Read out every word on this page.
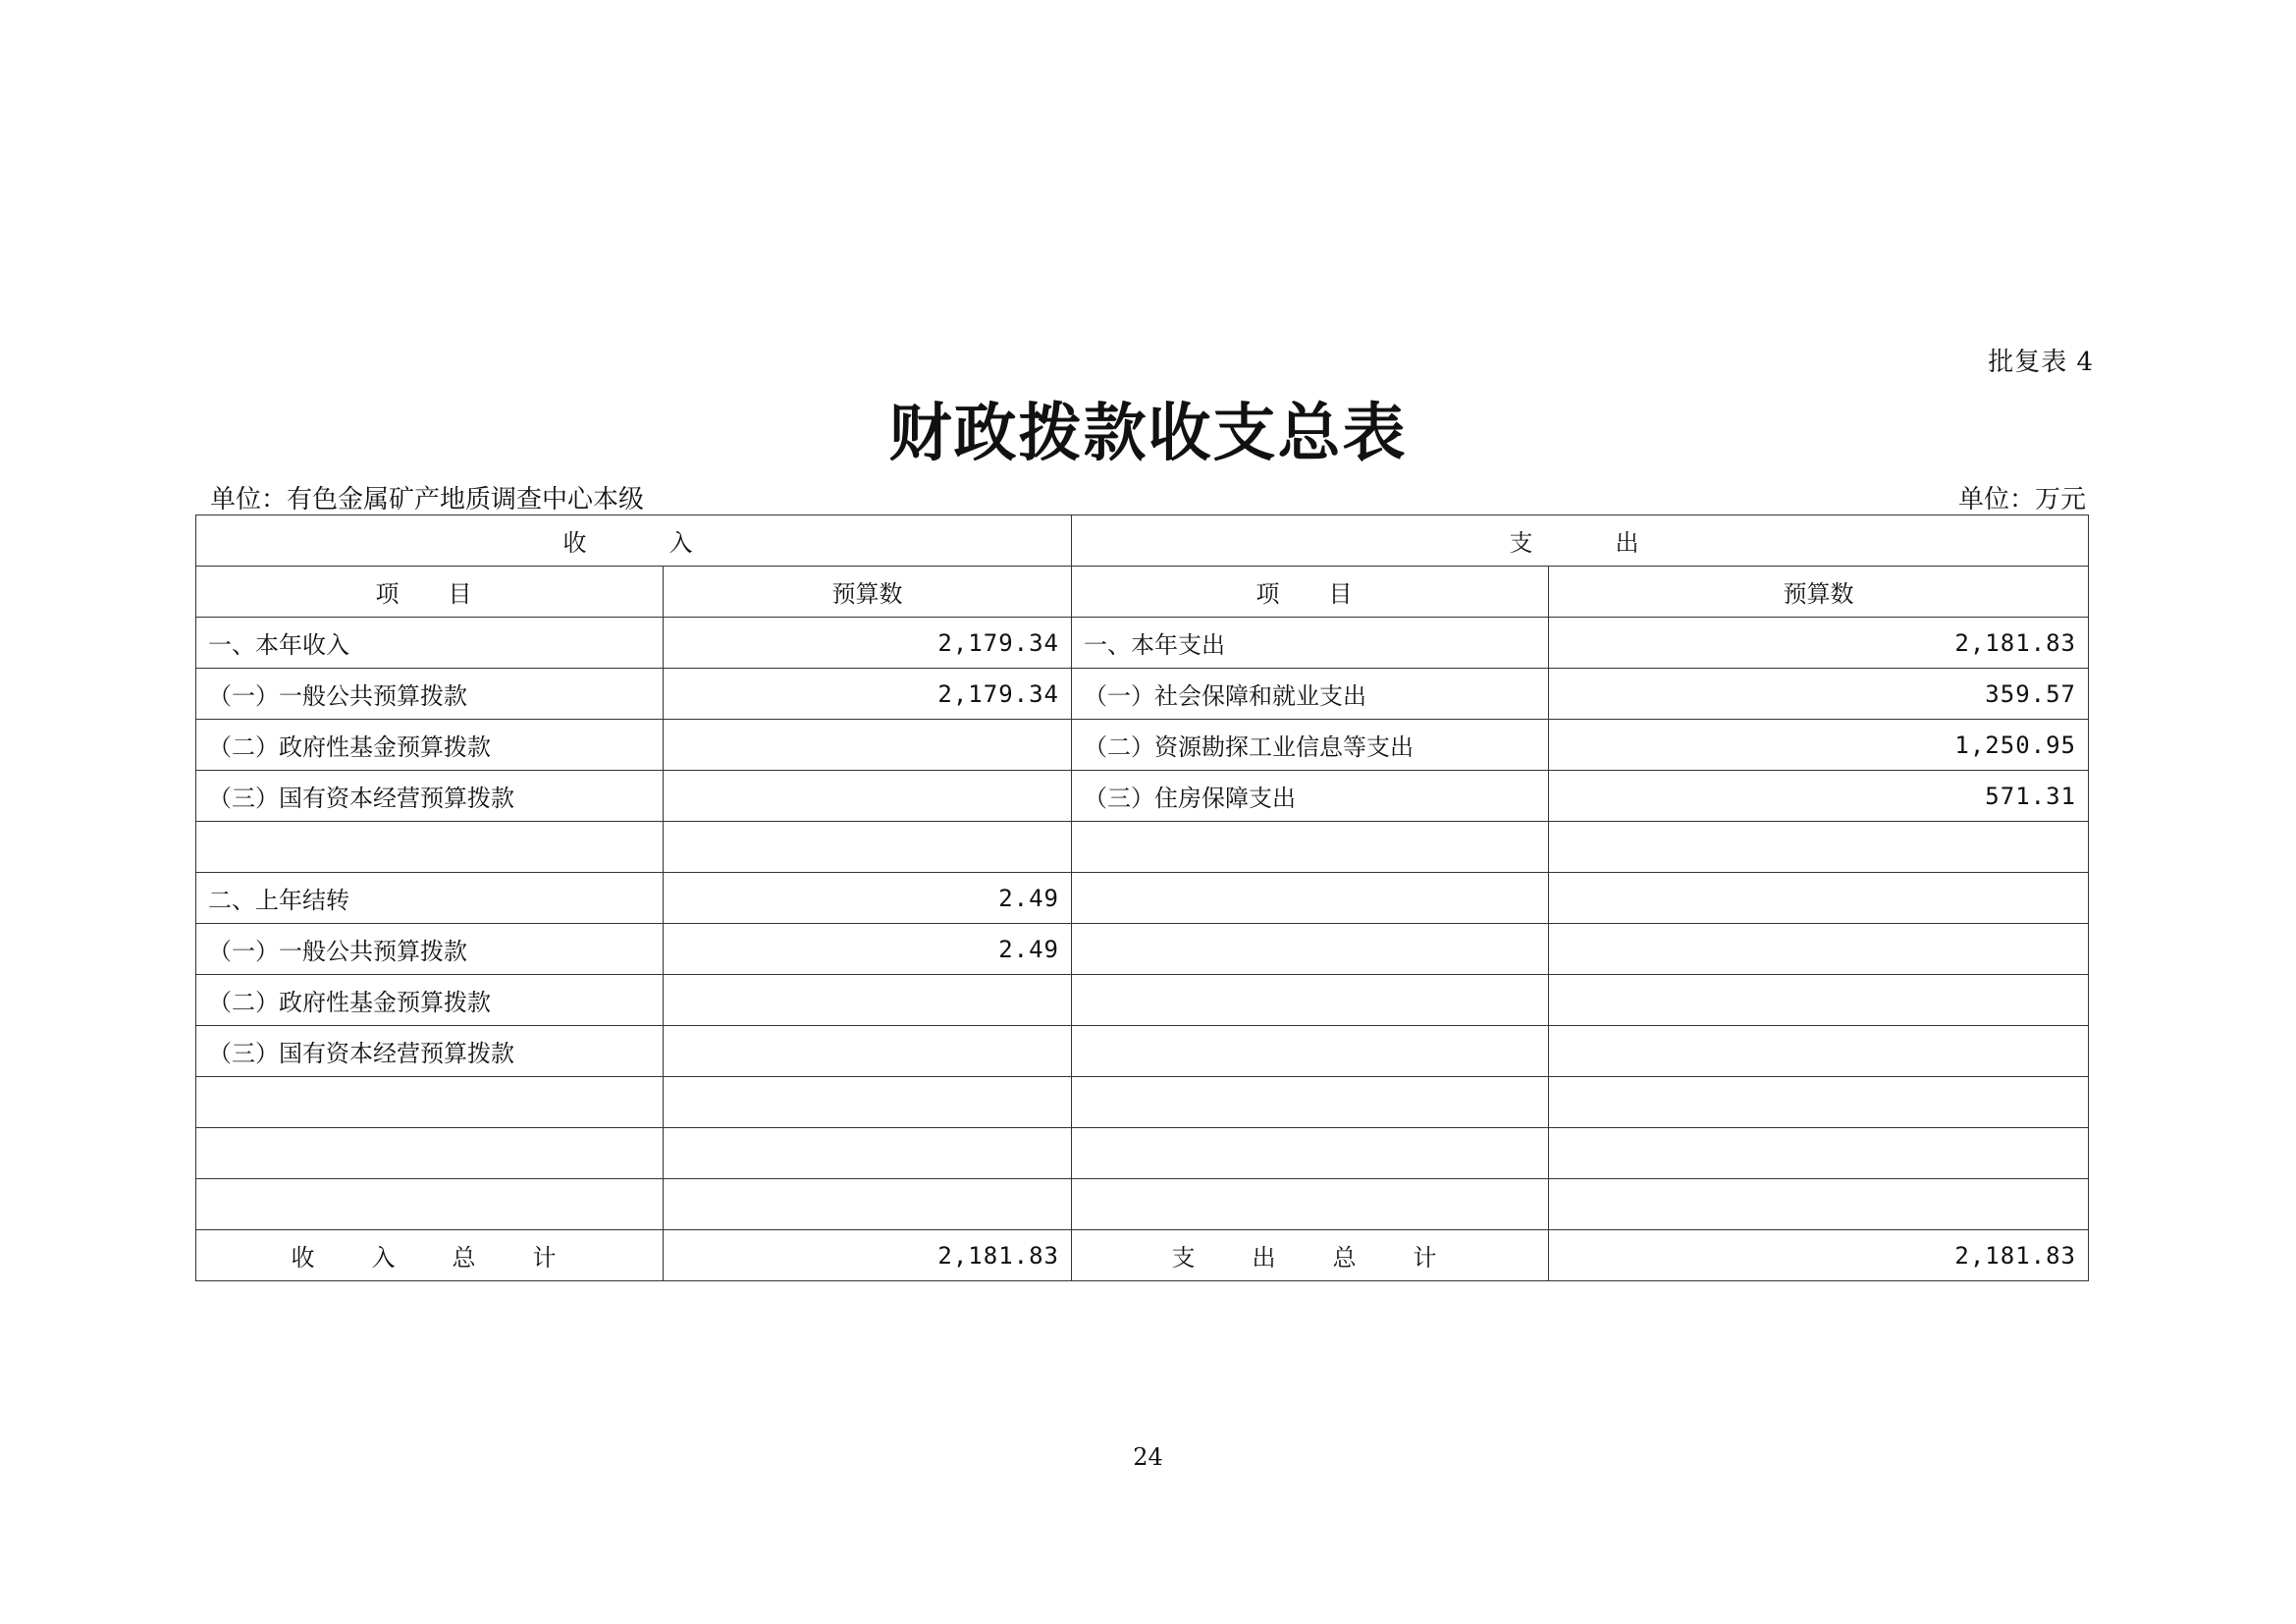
批复表 4
财政拨款收支总表
单位：有色金属矿产地质调查中心本级	单位：万元
收入		支出	
项目	预算数	项目	预算数
一、本年收入	2,179.34	一、本年支出	2,181.83
（一）一般公共预算拨款	2,179.34	（一）社会保障和就业支出	359.57
（二）政府性基金预算拨款		（二）资源勘探工业信息等支出	1,250.95
（三）国有资本经营预算拨款		（三）住房保障支出	571.31

二、上年结转	2.49		
（一）一般公共预算拨款	2.49		
（二）政府性基金预算拨款			
（三）国有资本经营预算拨款			

收入总计	2,181.83	支出总计	2,181.83
24
